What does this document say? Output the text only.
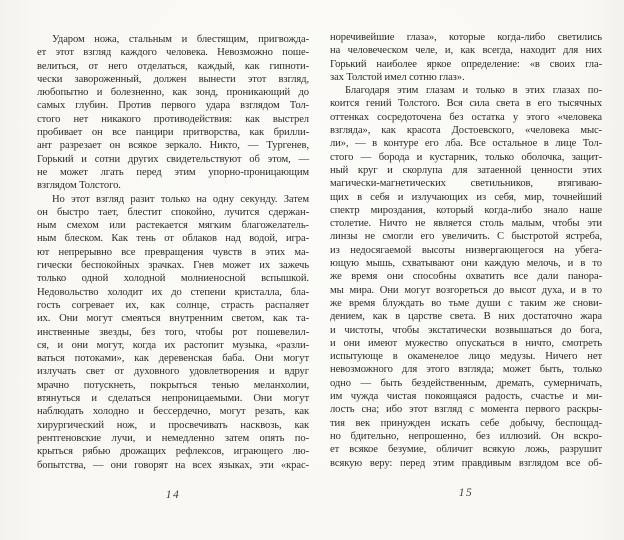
Ударом ножа, стальным и блестящим, пригвожда-
ет этот взгляд каждого человека. Невозможно поше-
велиться, от него отделаться, каждый, как гипноти-
чески завороженный, должен вынести этот взгляд,
любопытно и болезненно, как зонд, проникающий до
самых глубин. Против первого удара взглядом Тол-
стого нет никакого противодействия: как выстрел
пробивает он все панцири притворства, как брилли-
ант разрезает он всякое зеркало. Никто, — Тургенев,
Горький и сотни других свидетельствуют об этом, —
не может лгать перед этим упорно-проницающим
взглядом Толстого.
Но этот взгляд разит только на одну секунду. Затем
он быстро тает, блестит спокойно, лучится сдержан-
ным смехом или растекается мягким благожелатель-
ным блеском. Как тень от облаков над водой, игра-
ют непрерывно все превращения чувств в этих ма-
гически беспокойных зрачках. Гнев может их зажечь
только одной холодной молниеносной вспышкой.
Недовольство холодит их до степени кристалла, бла-
гость согревает их, как солнце, страсть распаляет
их. Они могут смеяться внутренним светом, как та-
инственные звезды, без того, чтобы рот пошевелил-
ся, и они могут, когда их растопит музыка, «разли-
ваться потоками», как деревенская баба. Они могут
излучать свет от духовного удовлетворения и вдруг
мрачно потускнеть, покрыться тенью меланхолии,
втянуться и сделаться непроницаемыми. Они могут
наблюдать холодно и бессердечно, могут резать, как
хирургический нож, и просвечивать насквозь, как
рентгеновские лучи, и немедленно затем опять по-
крыться рябью дрожащих рефлексов, играющего лю-
бопытства, — они говорят на всех языках, эти «крас-
14
норечивейшие глаза», которые когда-либо светились
на человеческом челе, и, как всегда, находит для них
Горький наиболее яркое определение: «в своих гла-
зах Толстой имел сотню глаз».
Благодаря этим глазам и только в этих глазах по-
коится гений Толстого. Вся сила света в его тысячных
оттенках сосредоточена без остатка у этого «человека
взгляда», как красота Достоевского, «человека мыс-
ли», — в контуре его лба. Все остальное в лице Тол-
стого — борода и кустарник, только оболочка, защит-
ный круг и скорлупа для затаенной ценности этих
магически-магнетических светильников, втягиваю-
щих в себя и излучающих из себя, мир, точнейший
спектр мироздания, который когда-либо знало наше
столетие. Ничто не является столь малым, чтобы эти
линзы не смогли его увеличить. С быстротой ястреба,
из недосягаемой высоты низвергающегося на убега-
ющую мышь, схватывают они каждую мелочь, и в то
же время они способны охватить все дали панора-
мы мира. Они могут возгореться до высот духа, и в то
же время блуждать во тьме души с таким же снови-
дением, как в царстве света. В них достаточно жара
и чистоты, чтобы экстатически возвышаться до бога,
и они имеют мужество опускаться в ничто, смотреть
испытующе в окаменелое лицо медузы. Ничего нет
невозможного для этого взгляда; может быть, только
одно — быть бездейственным, дремать, сумерничать,
им чужда чистая покоящаяся радость, счастье и ми-
лость сна; ибо этот взгляд с момента первого раскры-
тия век принужден искать себе добычу, беспощад-
но бдительно, непрошенно, без иллюзий. Он вскро-
ет всякое безумие, обличит всякую ложь, разрушит
всякую веру: перед этим правдивым взглядом все об-
15
